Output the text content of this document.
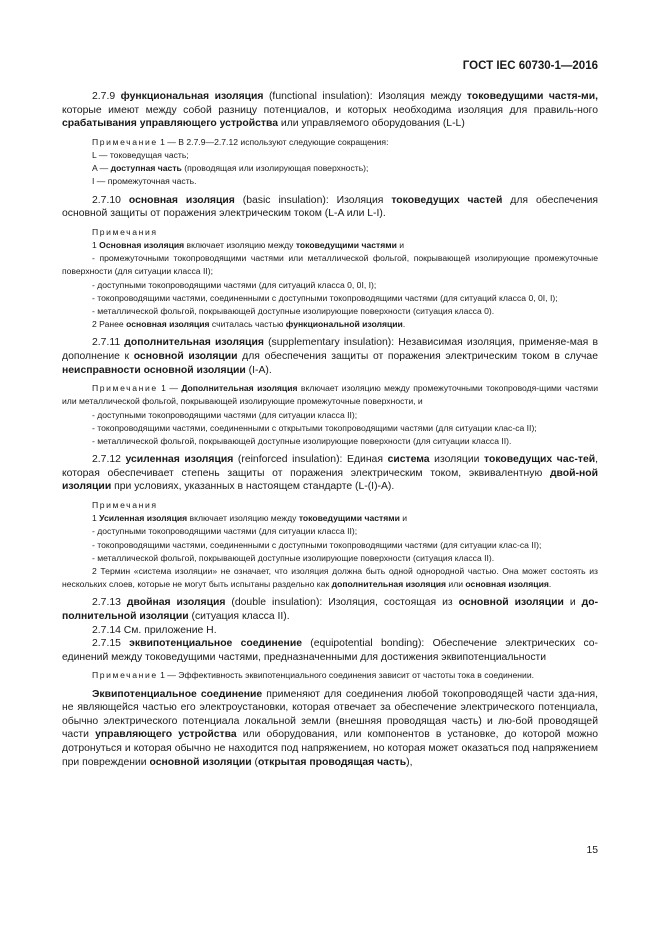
ГОСТ IEC 60730-1—2016

2.7.9 функциональная изоляция (functional insulation): Изоляция между токоведущими частя-ми, которые имеют между собой разницу потенциалов, и которых необходима изоляция для правиль-ного срабатывания управляющего устройства или управляемого оборудования (L-L)

Примечание 1 — В 2.7.9—2.7.12 используют следующие сокращения:

L — токоведущая часть;

A — доступная часть (проводящая или изолирующая поверхность);

I — промежуточная часть.

2.7.10 основная изоляция (basic insulation): Изоляция токоведущих частей для обеспечения основной защиты от поражения электрическим током (L-A или L-I).

Примечания

1 Основная изоляция включает изоляцию между токоведущими частями и

- промежуточными токопроводящими частями или металлической фольгой, покрывающей изолирующие промежуточные поверхности (для ситуации класса II);

- доступными токопроводящими частями (для ситуаций класса 0, 0I, I);

- токопроводящими частями, соединенными с доступными токопроводящими частями (для ситуаций класса 0, 0I, I);

- металлической фольгой, покрывающей доступные изолирующие поверхности (ситуация класса 0).

2 Ранее основная изоляция считалась частью функциональной изоляции.

2.7.11 дополнительная изоляция (supplementary insulation): Независимая изоляция, применяе-мая в дополнение к основной изоляции для обеспечения защиты от поражения электрическим током в случае неисправности основной изоляции (I-A).

Примечание 1 — Дополнительная изоляция включает изоляцию между промежуточными токопроводя-щими частями или металлической фольгой, покрывающей изолирующие промежуточные поверхности, и

- доступными токопроводящими частями (для ситуации класса II);

- токопроводящими частями, соединенными с открытыми токопроводящими частями (для ситуации клас-са II);

- металлической фольгой, покрывающей доступные изолирующие поверхности (для ситуации класса II).

2.7.12 усиленная изоляция (reinforced insulation): Единая система изоляции токоведущих час-тей, которая обеспечивает степень защиты от поражения электрическим током, эквивалентную двой-ной изоляции при условиях, указанных в настоящем стандарте (L-(I)-A).

Примечания

1 Усиленная изоляция включает изоляцию между токоведущими частями и

- доступными токопроводящими частями (для ситуации класса II);

- токопроводящими частями, соединенными с доступными токопроводящими частями (для ситуации клас-са II);

- металлической фольгой, покрывающей доступные изолирующие поверхности (ситуация класса II).

2 Термин «система изоляции» не означает, что изоляция должна быть одной однородной частью. Она может состоять из нескольких слоев, которые не могут быть испытаны раздельно как дополнительная изоляция или основная изоляция.

2.7.13 двойная изоляция (double insulation): Изоляция, состоящая из основной изоляции и до-полнительной изоляции (ситуация класса II).

2.7.14 См. приложение Н.

2.7.15 эквипотенциальное соединение (equipotential bonding): Обеспечение электрических со-единений между токоведущими частями, предназначенными для достижения эквипотенциальности

Примечание 1 — Эффективность эквипотенциального соединения зависит от частоты тока в соединении.

Эквипотенциальное соединение применяют для соединения любой токопроводящей части зда-ния, не являющейся частью его электроустановки, которая отвечает за обеспечение электрического потенциала, обычно электрического потенциала локальной земли (внешняя проводящая часть) и лю-бой проводящей части управляющего устройства или оборудования, или компонентов в установке, до которой можно дотронуться и которая обычно не находится под напряжением, но которая может оказаться под напряжением при повреждении основной изоляции (открытая проводящая часть),

15
